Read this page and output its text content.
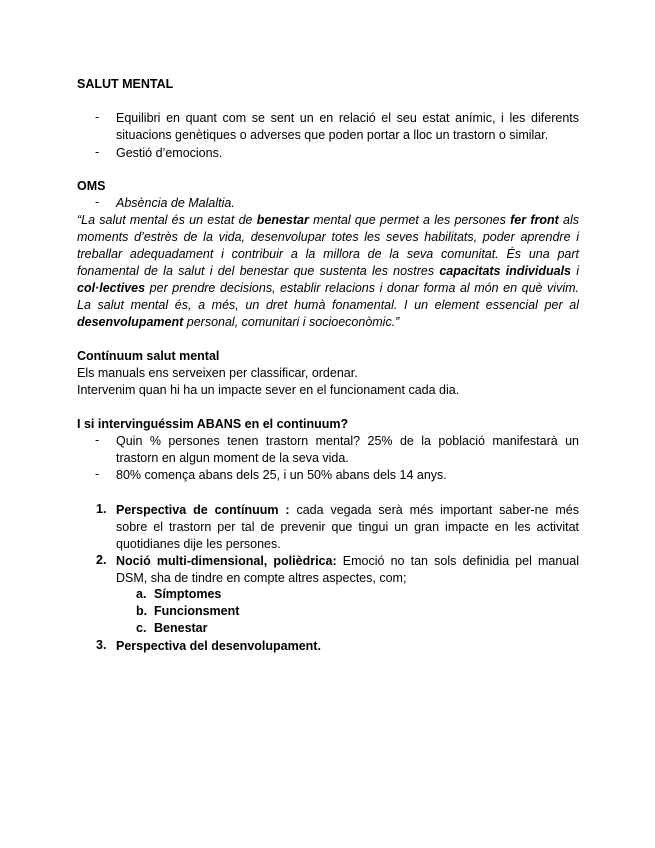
SALUT MENTAL
- Equilibri en quant com se sent un en relació el seu estat anímic, i les diferents situacions genètiques o adverses que poden portar a lloc un trastorn o similar.
- Gestió d’emocions.
OMS
- Absència de Malaltia.
“La salut mental és un estat de benestar mental que permet a les persones fer front als moments d’estrès de la vida, desenvolupar totes les seves habilitats, poder aprendre i treballar adequadament i contribuir a la millora de la seva comunitat. És una part fonamental de la salut i del benestar que sustenta les nostres capacitats individuals i col·lectives per prendre decisions, establir relacions i donar forma al món en què vivim. La salut mental és, a més, un dret humà fonamental. I un element essencial per al desenvolupament personal, comunitari i socioeconòmic.”
Contínuum salut mental
Els manuals ens serveixen per classificar, ordenar.
Intervenim quan hi ha un impacte sever en el funcionament cada dia.
I si intervinguéssim ABANS en el continuum?
- Quin % persones tenen trastorn mental? 25% de la població manifestarà un trastorn en algun moment de la seva vida.
- 80% comença abans dels 25, i un 50% abans dels 14 anys.
1. Perspectiva de contínuum : cada vegada serà més important saber-ne més sobre el trastorn per tal de prevenir que tingui un gran impacte en les activitat quotidianes dije les persones.
2. Noció multi-dimensional, polièdrica: Emoció no tan sols definidia pel manual DSM, sha de tindre en compte altres aspectes, com;
a. Símptomes
b. Funcionsment
c. Benestar
3. Perspectiva del desenvolupament.
